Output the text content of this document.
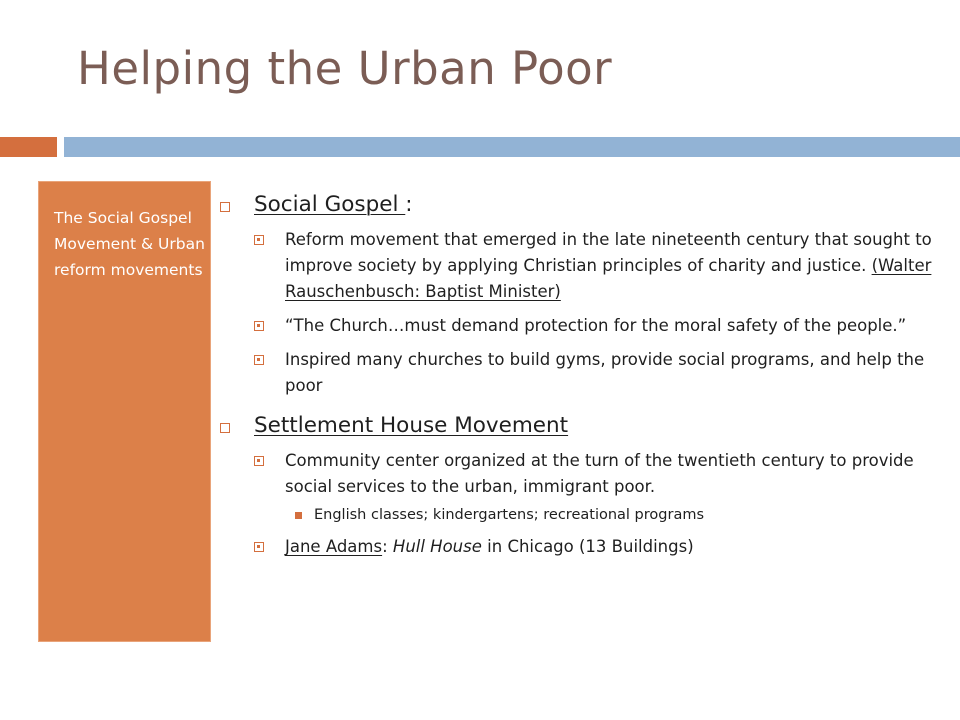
Helping the Urban Poor
The Social Gospel Movement & Urban reform movements
Social Gospel :
Reform movement that emerged in the late nineteenth century that sought to improve society by applying Christian principles of charity and justice. (Walter Rauschenbusch: Baptist Minister)
“The Church…must demand protection for the moral safety of the people.”
Inspired many churches to build gyms, provide social programs, and help the poor
Settlement House Movement
Community center organized at the turn of the twentieth century to provide social services to the urban, immigrant poor.
English classes; kindergartens; recreational programs
Jane Adams: Hull House in Chicago (13 Buildings)
